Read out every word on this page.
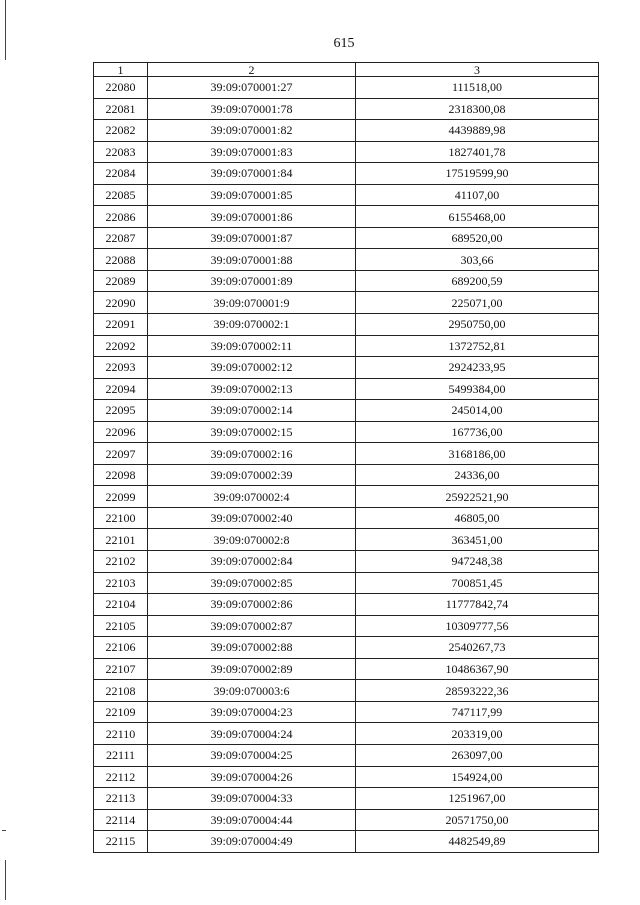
615
1	2	3
22080	39:09:070001:27	111518,00
22081	39:09:070001:78	2318300,08
22082	39:09:070001:82	4439889,98
22083	39:09:070001:83	1827401,78
22084	39:09:070001:84	17519599,90
22085	39:09:070001:85	41107,00
22086	39:09:070001:86	6155468,00
22087	39:09:070001:87	689520,00
22088	39:09:070001:88	303,66
22089	39:09:070001:89	689200,59
22090	39:09:070001:9	225071,00
22091	39:09:070002:1	2950750,00
22092	39:09:070002:11	1372752,81
22093	39:09:070002:12	2924233,95
22094	39:09:070002:13	5499384,00
22095	39:09:070002:14	245014,00
22096	39:09:070002:15	167736,00
22097	39:09:070002:16	3168186,00
22098	39:09:070002:39	24336,00
22099	39:09:070002:4	25922521,90
22100	39:09:070002:40	46805,00
22101	39:09:070002:8	363451,00
22102	39:09:070002:84	947248,38
22103	39:09:070002:85	700851,45
22104	39:09:070002:86	11777842,74
22105	39:09:070002:87	10309777,56
22106	39:09:070002:88	2540267,73
22107	39:09:070002:89	10486367,90
22108	39:09:070003:6	28593222,36
22109	39:09:070004:23	747117,99
22110	39:09:070004:24	203319,00
22111	39:09:070004:25	263097,00
22112	39:09:070004:26	154924,00
22113	39:09:070004:33	1251967,00
22114	39:09:070004:44	20571750,00
22115	39:09:070004:49	4482549,89
